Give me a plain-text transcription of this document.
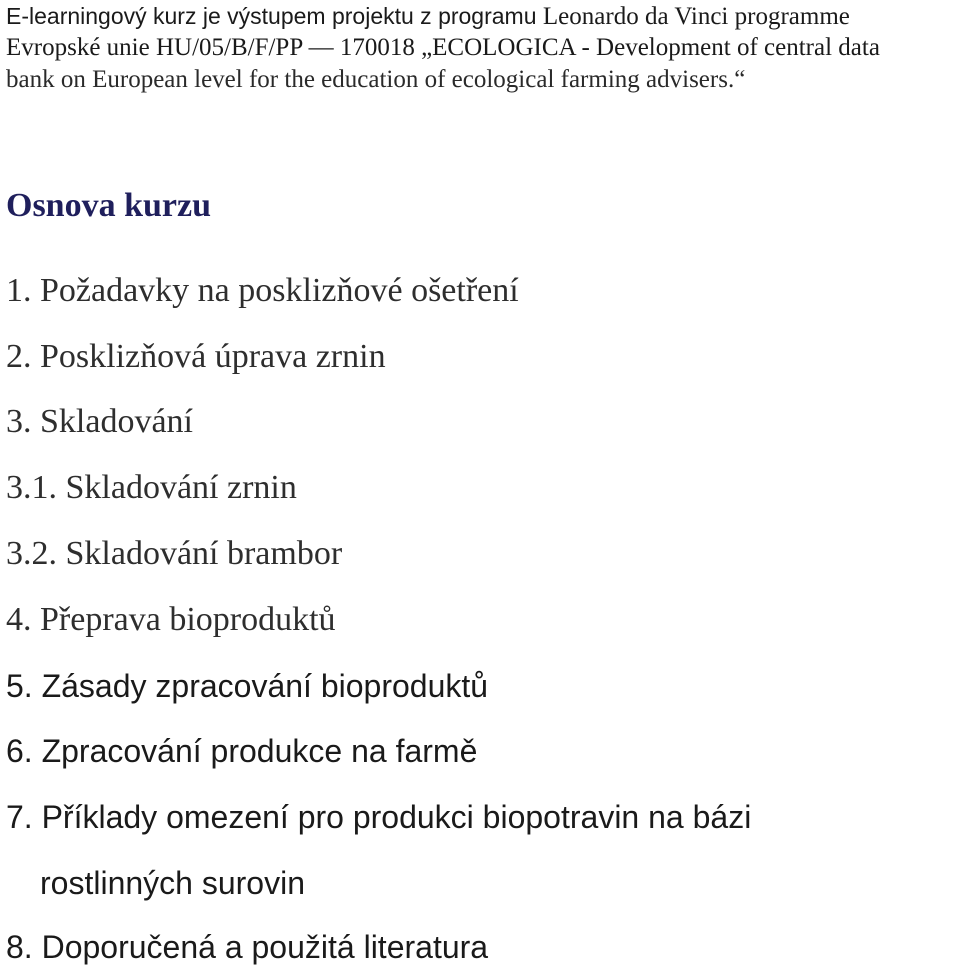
E-learningový kurz je výstupem projektu z programu Leonardo da Vinci programme
Evropské unie HU/05/B/F/PP — 170018 „ECOLOGICA - Development of central data
bank on European level for the education of ecological farming advisers.“
Osnova kurzu
1. Požadavky na posklizňové ošetření
2. Posklizňová úprava zrnin
3. Skladování
3.1. Skladování zrnin
3.2. Skladování brambor
4. Přeprava bioproduktů
5. Zásady zpracování bioproduktů
6. Zpracování produkce na farmě
7. Příklady omezení pro produkci biopotravin na bázi
rostlinných surovin
8. Doporučená a použitá literatura
